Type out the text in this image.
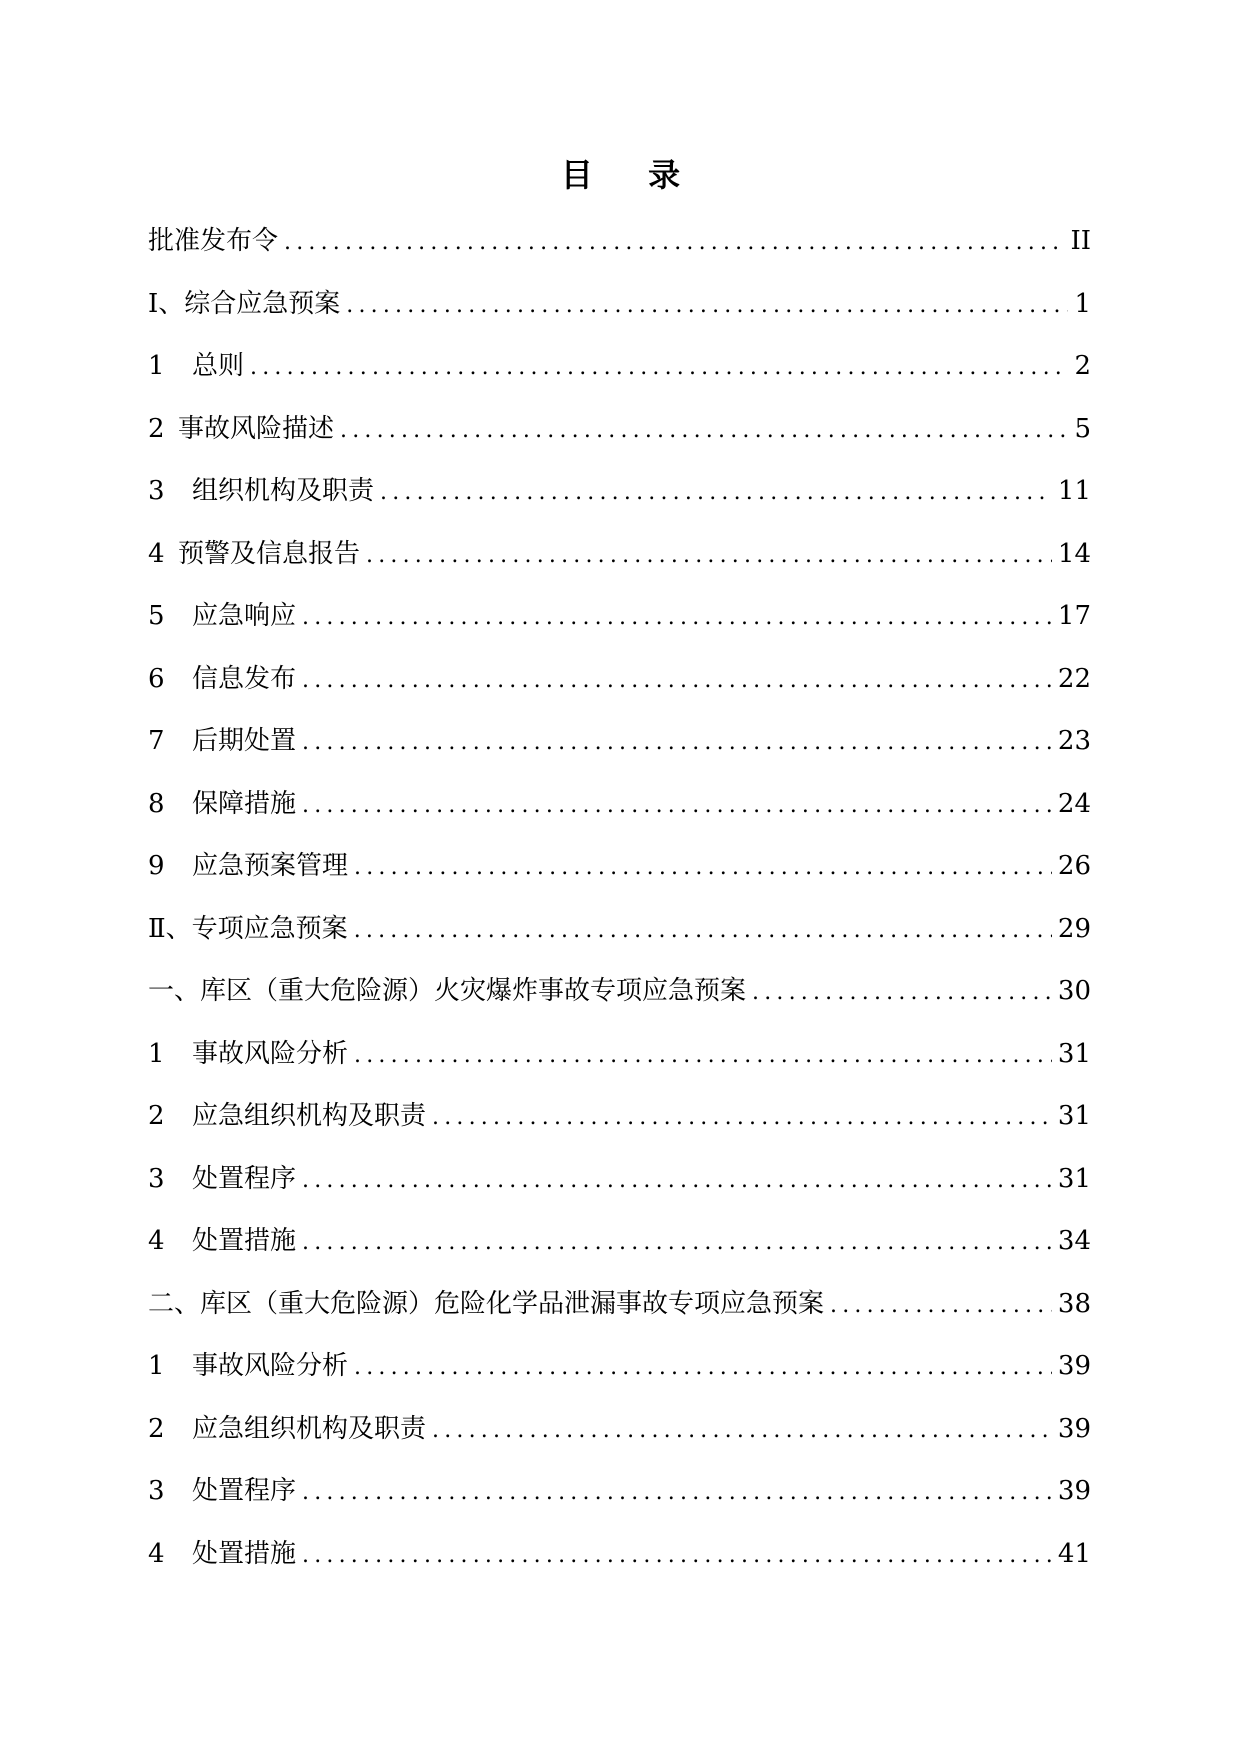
目 录
批准发布令 .....	II
Ⅰ、综合应急预案 .....	1
1	总则 .....	2
2 事故风险描述 .....	5
3	组织机构及职责 .....	11
4 预警及信息报告 .....	14
5	应急响应 .....	17
6	信息发布 .....	22
7	后期处置 .....	23
8	保障措施 .....	24
9	应急预案管理 .....	26
Ⅱ、专项应急预案 .....	29
一、库区（重大危险源）火灾爆炸事故专项应急预案 .....	30
1	事故风险分析 .....	31
2	应急组织机构及职责 .....	31
3	处置程序 .....	31
4	处置措施 .....	34
二、库区（重大危险源）危险化学品泄漏事故专项应急预案 .....	38
1	事故风险分析 .....	39
2	应急组织机构及职责 .....	39
3	处置程序 .....	39
4	处置措施 .....	41
